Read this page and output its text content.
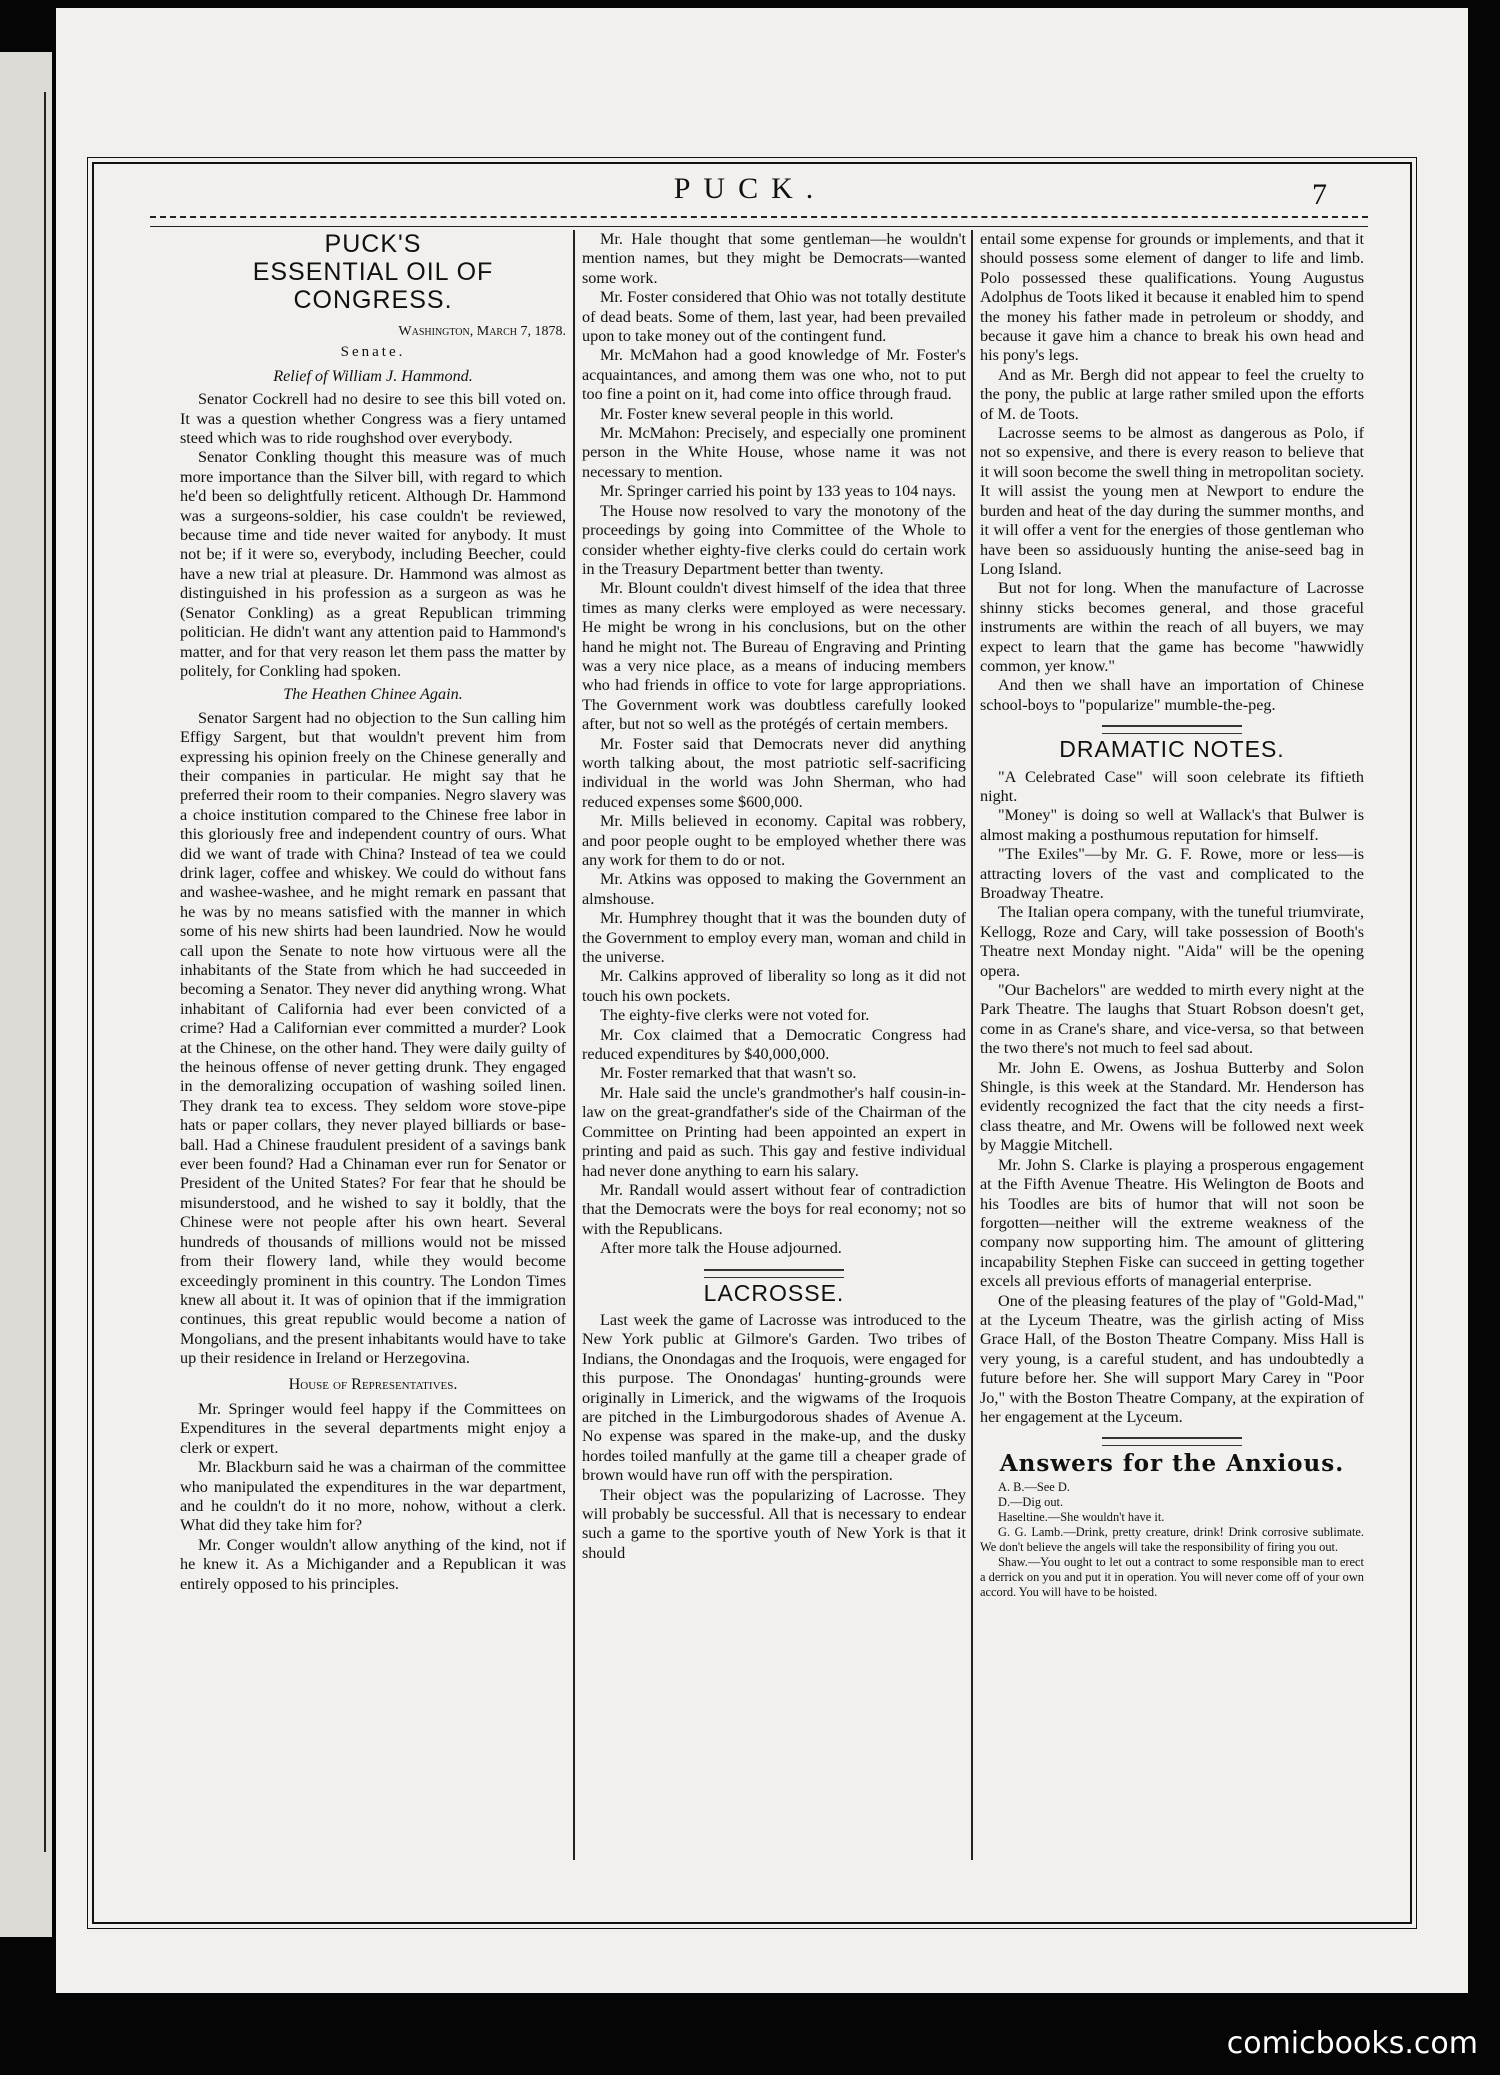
PUCK.	7
PUCK'S
ESSENTIAL OIL OF CONGRESS.
Washington, March 7, 1878.
Senate.
Relief of William J. Hammond.

Senator Cockrell had no desire to see this bill voted on. It was a question whether Congress was a fiery untamed steed which was to ride roughshod over everybody.

Senator Conkling thought this measure was of much more importance than the Silver bill, with regard to which he'd been so delightfully reticent. Although Dr. Hammond was a surgeons-soldier, his case couldn't be reviewed, because time and tide never waited for anybody. It must not be; if it were so, everybody, including Beecher, could have a new trial at pleasure. Dr. Hammond was almost as distinguished in his profession as a surgeon as was he (Senator Conkling) as a great Republican trimming politician. He didn't want any attention paid to Hammond's matter, and for that very reason let them pass the matter by politely, for Conkling had spoken.

The Heathen Chinee Again.

Senator Sargent had no objection to the Sun calling him Effigy Sargent, but that wouldn't prevent him from expressing his opinion freely on the Chinese generally and their companies in particular. He might say that he preferred their room to their companies. Negro slavery was a choice institution compared to the Chinese free labor in this gloriously free and independent country of ours. What did we want of trade with China? Instead of tea we could drink lager, coffee and whiskey. We could do without fans and washee-washee, and he might remark en passant that he was by no means satisfied with the manner in which some of his new shirts had been laundried. Now he would call upon the Senate to note how virtuous were all the inhabitants of the State from which he had succeeded in becoming a Senator. They never did anything wrong. What inhabitant of California had ever been convicted of a crime? Had a Californian ever committed a murder? Look at the Chinese, on the other hand. They were daily guilty of the heinous offense of never getting drunk. They engaged in the demoralizing occupation of washing soiled linen. They drank tea to excess. They seldom wore stove-pipe hats or paper collars, they never played billiards or base-ball. Had a Chinese fraudulent president of a savings bank ever been found? Had a Chinaman ever run for Senator or President of the United States? For fear that he should be misunderstood, and he wished to say it boldly, that the Chinese were not people after his own heart. Several hundreds of thousands of millions would not be missed from their flowery land, while they would become exceedingly prominent in this country. The London Times knew all about it. It was of opinion that if the immigration continues, this great republic would become a nation of Mongolians, and the present inhabitants would have to take up their residence in Ireland or Herzegovina.

House of Representatives.

Mr. Springer would feel happy if the Committees on Expenditures in the several departments might enjoy a clerk or expert.

Mr. Blackburn said he was a chairman of the committee who manipulated the expenditures in the war department, and he couldn't do it no more, nohow, without a clerk. What did they take him for?

Mr. Conger wouldn't allow anything of the kind, not if he knew it. As a Michigander and a Republican it was entirely opposed to his principles.

Mr. Hale thought that some gentleman—he wouldn't mention names, but they might be Democrats—wanted some work.

Mr. Foster considered that Ohio was not totally destitute of dead beats. Some of them, last year, had been prevailed upon to take money out of the contingent fund.

Mr. McMahon had a good knowledge of Mr. Foster's acquaintances, and among them was one who, not to put too fine a point on it, had come into office through fraud.

Mr. Foster knew several people in this world.

Mr. McMahon: Precisely, and especially one prominent person in the White House, whose name it was not necessary to mention.

Mr. Springer carried his point by 133 yeas to 104 nays.

The House now resolved to vary the monotony of the proceedings by going into Committee of the Whole to consider whether eighty-five clerks could do certain work in the Treasury Department better than twenty.

Mr. Blount couldn't divest himself of the idea that three times as many clerks were employed as were necessary. He might be wrong in his conclusions, but on the other hand he might not. The Bureau of Engraving and Printing was a very nice place, as a means of inducing members who had friends in office to vote for large appropriations. The Government work was doubtless carefully looked after, but not so well as the protégés of certain members.

Mr. Foster said that Democrats never did anything worth talking about, the most patriotic self-sacrificing individual in the world was John Sherman, who had reduced expenses some $600,000.

Mr. Mills believed in economy. Capital was robbery, and poor people ought to be employed whether there was any work for them to do or not.

Mr. Atkins was opposed to making the Government an almshouse.

Mr. Humphrey thought that it was the bounden duty of the Government to employ every man, woman and child in the universe.

Mr. Calkins approved of liberality so long as it did not touch his own pockets.

The eighty-five clerks were not voted for.

Mr. Cox claimed that a Democratic Congress had reduced expenditures by $40,000,000.

Mr. Foster remarked that that wasn't so.

Mr. Hale said the uncle's grandmother's half cousin-in-law on the great-grandfather's side of the Chairman of the Committee on Printing had been appointed an expert in printing and paid as such. This gay and festive individual had never done anything to earn his salary.

Mr. Randall would assert without fear of contradiction that the Democrats were the boys for real economy; not so with the Republicans.

After more talk the House adjourned.

LACROSSE.

Last week the game of Lacrosse was introduced to the New York public at Gilmore's Garden. Two tribes of Indians, the Onondagas and the Iroquois, were engaged for this purpose. The Onondagas' hunting-grounds were originally in Limerick, and the wigwams of the Iroquois are pitched in the Limburgodorous shades of Avenue A. No expense was spared in the make-up, and the dusky hordes toiled manfully at the game till a cheaper grade of brown would have run off with the perspiration.

Their object was the popularizing of Lacrosse. They will probably be successful. All that is necessary to endear such a game to the sportive youth of New York is that it should

entail some expense for grounds or implements, and that it should possess some element of danger to life and limb. Polo possessed these qualifications. Young Augustus Adolphus de Toots liked it because it enabled him to spend the money his father made in petroleum or shoddy, and because it gave him a chance to break his own head and his pony's legs.

And as Mr. Bergh did not appear to feel the cruelty to the pony, the public at large rather smiled upon the efforts of M. de Toots.

Lacrosse seems to be almost as dangerous as Polo, if not so expensive, and there is every reason to believe that it will soon become the swell thing in metropolitan society. It will assist the young men at Newport to endure the burden and heat of the day during the summer months, and it will offer a vent for the energies of those gentleman who have been so assiduously hunting the anise-seed bag in Long Island.

But not for long. When the manufacture of Lacrosse shinny sticks becomes general, and those graceful instruments are within the reach of all buyers, we may expect to learn that the game has become "hawwidly common, yer know."

And then we shall have an importation of Chinese school-boys to "popularize" mumble-the-peg.

DRAMATIC NOTES.

"A Celebrated Case" will soon celebrate its fiftieth night.

"Money" is doing so well at Wallack's that Bulwer is almost making a posthumous reputation for himself.

"The Exiles"—by Mr. G. F. Rowe, more or less—is attracting lovers of the vast and complicated to the Broadway Theatre.

The Italian opera company, with the tuneful triumvirate, Kellogg, Roze and Cary, will take possession of Booth's Theatre next Monday night. "Aida" will be the opening opera.

"Our Bachelors" are wedded to mirth every night at the Park Theatre. The laughs that Stuart Robson doesn't get, come in as Crane's share, and vice-versa, so that between the two there's not much to feel sad about.

Mr. John E. Owens, as Joshua Butterby and Solon Shingle, is this week at the Standard. Mr. Henderson has evidently recognized the fact that the city needs a first-class theatre, and Mr. Owens will be followed next week by Maggie Mitchell.

Mr. John S. Clarke is playing a prosperous engagement at the Fifth Avenue Theatre. His Welington de Boots and his Toodles are bits of humor that will not soon be forgotten—neither will the extreme weakness of the company now supporting him. The amount of glittering incapability Stephen Fiske can succeed in getting together excels all previous efforts of managerial enterprise.

One of the pleasing features of the play of "Gold-Mad," at the Lyceum Theatre, was the girlish acting of Miss Grace Hall, of the Boston Theatre Company. Miss Hall is very young, is a careful student, and has undoubtedly a future before her. She will support Mary Carey in "Poor Jo," with the Boston Theatre Company, at the expiration of her engagement at the Lyceum.

Answers for the Anxious.

A. B.—See D.

D.—Dig out.

Haseltine.—She wouldn't have it.

G. G. Lamb.—Drink, pretty creature, drink! Drink corrosive sublimate. We don't believe the angels will take the responsibility of firing you out.

Shaw.—You ought to let out a contract to some responsible man to erect a derrick on you and put it in operation. You will never come off of your own accord. You will have to be hoisted.

comicbooks.com
